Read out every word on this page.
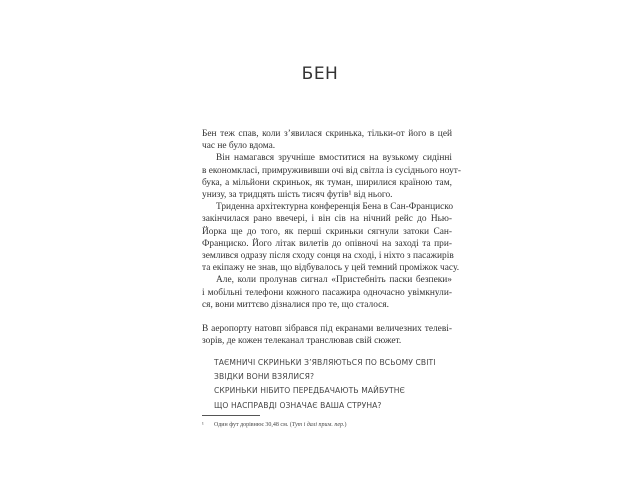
БЕН

Бен теж спав, коли з’явилася скринька, тільки-от його в цей
час не було вдома.

Він намагався зручніше вмоститися на вузькому сидінні
в економкласі, примружививши очі від світла із сусіднього ноут-
бука, а мільйони скриньок, як туман, ширилися країною там,
унизу, за тридцять шість тисяч футів¹ від нього.

Триденна архітектурна конференція Бена в Сан-Франциско
закінчилася рано ввечері, і він сів на нічний рейс до Нью-
Йорка ще до того, як перші скриньки сягнули затоки Сан-
Франциско. Його літак вилетів до опівночі на заході та при-
землився одразу після сходу сонця на сході, і ніхто з пасажирів
та екіпажу не знав, що відбувалось у цей темний проміжок часу.

Але, коли пролунав сигнал «Пристебніть паски безпеки»
і мобільні телефони кожного пасажира одночасно увімкнули-
ся, вони миттєво дізналися про те, що сталося.

В аеропорту натовп зібрався під екранами величезних телеві-
зорів, де кожен телеканал транслював свій сюжет.

ТАЄМНИЧІ СКРИНЬКИ З’ЯВЛЯЮТЬСЯ ПО ВСЬОМУ СВІТІ
ЗВІДКИ ВОНИ ВЗЯЛИСЯ?
СКРИНЬКИ НІБИТО ПЕРЕДБАЧАЮТЬ МАЙБУТНЄ
ЩО НАСПРАВДІ ОЗНАЧАЄ ВАША СТРУНА?
¹ Один фут дорівнює 30,48 см. (Тут і далі прим. пер.)
